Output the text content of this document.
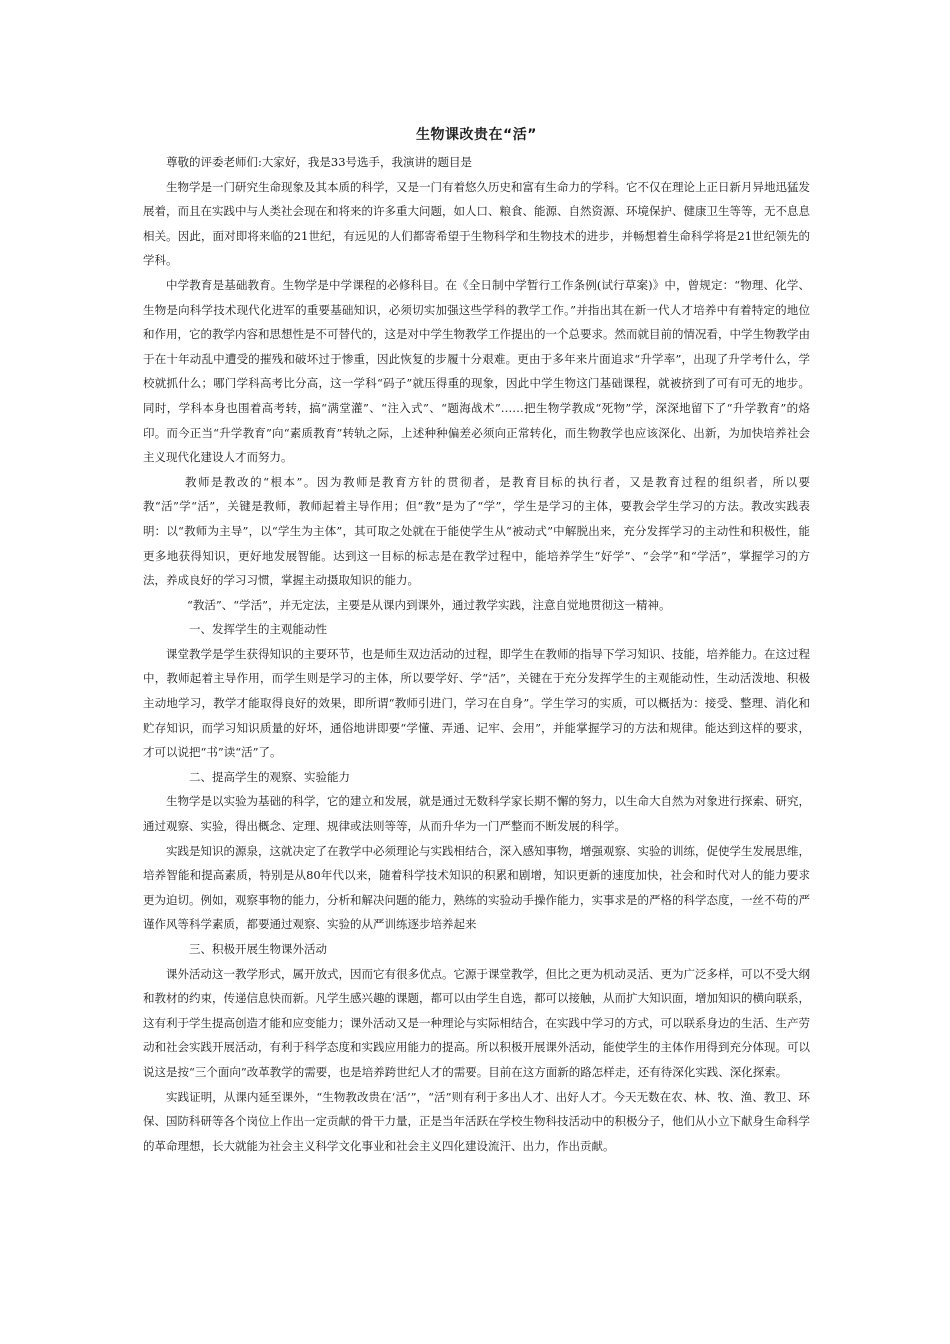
生物课改贵在“活”

尊敬的评委老师们:大家好，我是33号选手，我演讲的题目是

生物学是一门研究生命现象及其本质的科学，又是一门有着悠久历史和富有生命力的学科。它不仅在理论上正日新月异地迅猛发展着，而且在实践中与人类社会现在和将来的许多重大问题，如人口、粮食、能源、自然资源、环境保护、健康卫生等等，无不息息相关。因此，面对即将来临的21世纪，有远见的人们都寄希望于生物科学和生物技术的进步，并畅想着生命科学将是21世纪领先的学科。

中学教育是基础教育。生物学是中学课程的必修科目。在《全日制中学暂行工作条例(试行草案)》中，曾规定：“物理、化学、生物是向科学技术现代化进军的重要基础知识，必须切实加强这些学科的教学工作。”并指出其在新一代人才培养中有着特定的地位和作用，它的教学内容和思想性是不可替代的，这是对中学生物教学工作提出的一个总要求。然而就目前的情况看，中学生物教学由于在十年动乱中遭受的摧残和破坏过于惨重，因此恢复的步履十分艰难。更由于多年来片面追求“升学率”，出现了升学考什么，学校就抓什么；哪门学科高考比分高，这一学科“码子”就压得重的现象，因此中学生物这门基础课程，就被挤到了可有可无的地步。同时，学科本身也围着高考转，搞“满堂灌”、“注入式”、“题海战术”……把生物学教成“死物”学，深深地留下了“升学教育”的烙印。而今正当“升学教育”向“素质教育”转轨之际，上述种种偏差必须向正常转化，而生物教学也应该深化、出新，为加快培养社会主义现代化建设人才而努力。

教师是教改的“根本”。因为教师是教育方针的贯彻者，是教育目标的执行者，又是教育过程的组织者，所以要教“活”学“活”，关键是教师，教师起着主导作用；但“教”是为了“学”，学生是学习的主体，要教会学生学习的方法。教改实践表明：以“教师为主导”，以“学生为主体”，其可取之处就在于能使学生从“被动式”中解脱出来，充分发挥学习的主动性和积极性，能更多地获得知识，更好地发展智能。达到这一目标的标志是在教学过程中，能培养学生“好学”、“会学”和“学活”，掌握学习的方法，养成良好的学习习惯，掌握主动摄取知识的能力。

“教活”、“学活”，并无定法，主要是从课内到课外，通过教学实践，注意自觉地贯彻这一精神。

一、发挥学生的主观能动性

课堂教学是学生获得知识的主要环节，也是师生双边活动的过程，即学生在教师的指导下学习知识、技能，培养能力。在这过程中，教师起着主导作用，而学生则是学习的主体，所以要学好、学“活”，关键在于充分发挥学生的主观能动性，生动活泼地、积极主动地学习，教学才能取得良好的效果，即所谓“教师引进门，学习在自身”。学生学习的实质，可以概括为：接受、整理、消化和贮存知识，而学习知识质量的好坏，通俗地讲即要“学懂、弄通、记牢、会用”，并能掌握学习的方法和规律。能达到这样的要求，才可以说把“书”读“活”了。

二、提高学生的观察、实验能力

生物学是以实验为基础的科学，它的建立和发展，就是通过无数科学家长期不懈的努力，以生命大自然为对象进行探索、研究，通过观察、实验，得出概念、定理、规律或法则等等，从而升华为一门严整而不断发展的科学。

实践是知识的源泉，这就决定了在教学中必须理论与实践相结合，深入感知事物，增强观察、实验的训练，促使学生发展思维，培养智能和提高素质，特别是从80年代以来，随着科学技术知识的积累和剧增，知识更新的速度加快，社会和时代对人的能力要求更为迫切。例如，观察事物的能力，分析和解决问题的能力，熟练的实验动手操作能力，实事求是的严格的科学态度，一丝不苟的严谨作风等科学素质，都要通过观察、实验的从严训练逐步培养起来

三、积极开展生物课外活动

课外活动这一教学形式，属开放式，因而它有很多优点。它源于课堂教学，但比之更为机动灵活、更为广泛多样，可以不受大纲和教材的约束，传递信息快而新。凡学生感兴趣的课题，都可以由学生自选，都可以接触，从而扩大知识面，增加知识的横向联系，这有利于学生提高创造才能和应变能力；课外活动又是一种理论与实际相结合，在实践中学习的方式，可以联系身边的生活、生产劳动和社会实践开展活动，有利于科学态度和实践应用能力的提高。所以积极开展课外活动，能使学生的主体作用得到充分体现。可以说这是按“三个面向”改革教学的需要，也是培养跨世纪人才的需要。目前在这方面新的路怎样走，还有待深化实践、深化探索。

实践证明，从课内延至课外，“生物教改贵在‘活’”，“活”则有利于多出人才、出好人才。今天无数在农、林、牧、渔、教卫、环保、国防科研等各个岗位上作出一定贡献的骨干力量，正是当年活跃在学校生物科技活动中的积极分子，他们从小立下献身生命科学的革命理想，长大就能为社会主义科学文化事业和社会主义四化建设流汗、出力，作出贡献。
